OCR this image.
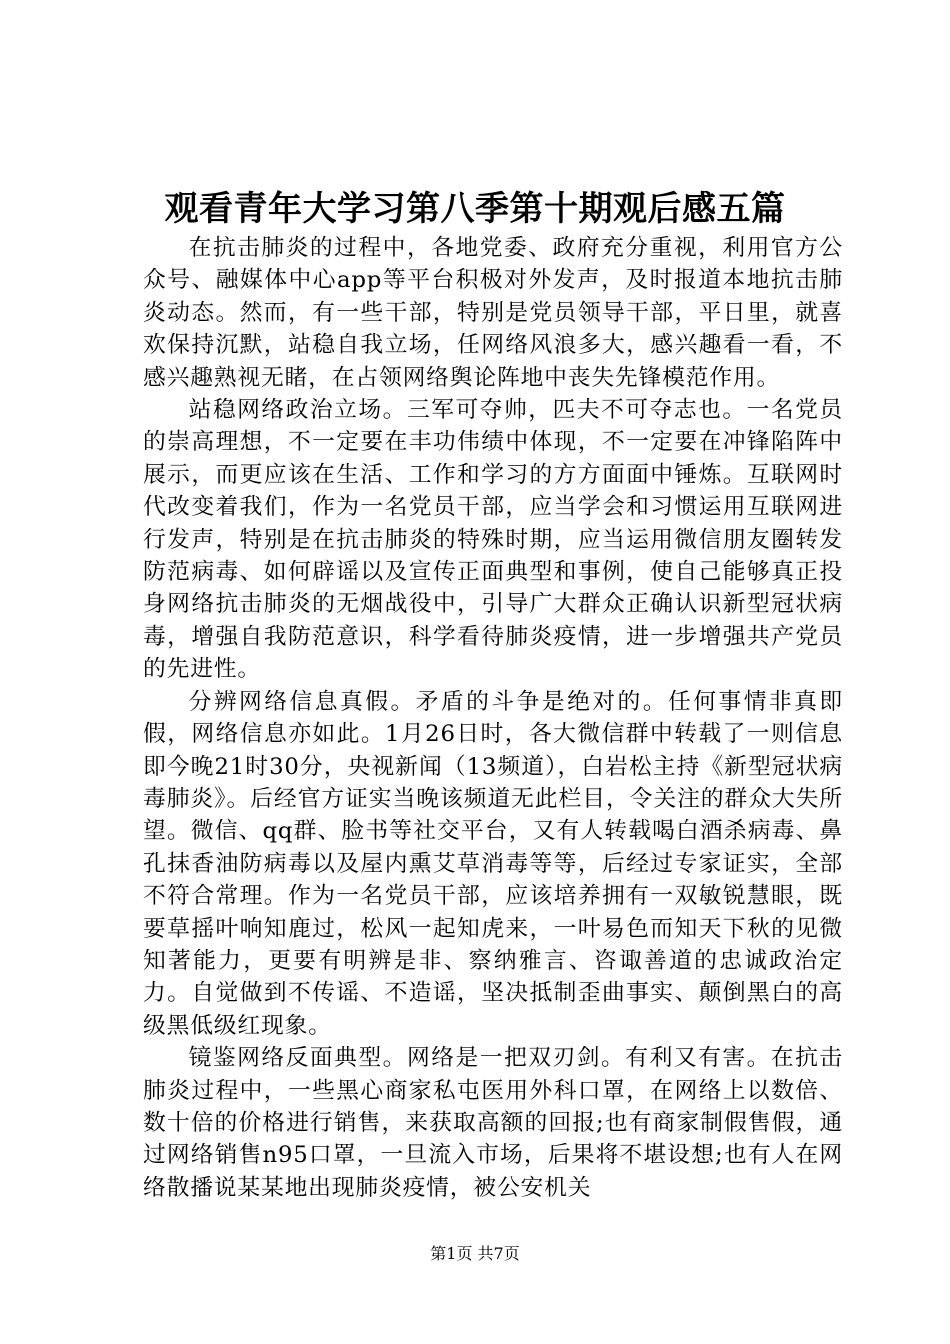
观看青年大学习第八季第十期观后感五篇

在抗击肺炎的过程中，各地党委、政府充分重视，利用官方公众号、融媒体中心app等平台积极对外发声，及时报道本地抗击肺炎动态。然而，有一些干部，特别是党员领导干部，平日里，就喜欢保持沉默，站稳自我立场，任网络风浪多大，感兴趣看一看，不感兴趣熟视无睹，在占领网络舆论阵地中丧失先锋模范作用。

站稳网络政治立场。三军可夺帅，匹夫不可夺志也。一名党员的崇高理想，不一定要在丰功伟绩中体现，不一定要在冲锋陷阵中展示，而更应该在生活、工作和学习的方方面面中锤炼。互联网时代改变着我们，作为一名党员干部，应当学会和习惯运用互联网进行发声，特别是在抗击肺炎的特殊时期，应当运用微信朋友圈转发防范病毒、如何辟谣以及宣传正面典型和事例，使自己能够真正投身网络抗击肺炎的无烟战役中，引导广大群众正确认识新型冠状病毒，增强自我防范意识，科学看待肺炎疫情，进一步增强共产党员的先进性。

分辨网络信息真假。矛盾的斗争是绝对的。任何事情非真即假，网络信息亦如此。1月26日时，各大微信群中转载了一则信息即今晚21时30分，央视新闻（13频道），白岩松主持《新型冠状病毒肺炎》。后经官方证实当晚该频道无此栏目，令关注的群众大失所望。微信、qq群、脸书等社交平台，又有人转载喝白酒杀病毒、鼻孔抹香油防病毒以及屋内熏艾草消毒等等，后经过专家证实，全部不符合常理。作为一名党员干部，应该培养拥有一双敏锐慧眼，既要草摇叶响知鹿过，松风一起知虎来，一叶易色而知天下秋的见微知著能力，更要有明辨是非、察纳雅言、咨诹善道的忠诚政治定力。自觉做到不传谣、不造谣，坚决抵制歪曲事实、颠倒黑白的高级黑低级红现象。

镜鉴网络反面典型。网络是一把双刃剑。有利又有害。在抗击肺炎过程中，一些黑心商家私屯医用外科口罩，在网络上以数倍、数十倍的价格进行销售，来获取高额的回报;也有商家制假售假，通过网络销售n95口罩，一旦流入市场，后果将不堪设想;也有人在网络散播说某某地出现肺炎疫情，被公安机关

第1页 共7页
